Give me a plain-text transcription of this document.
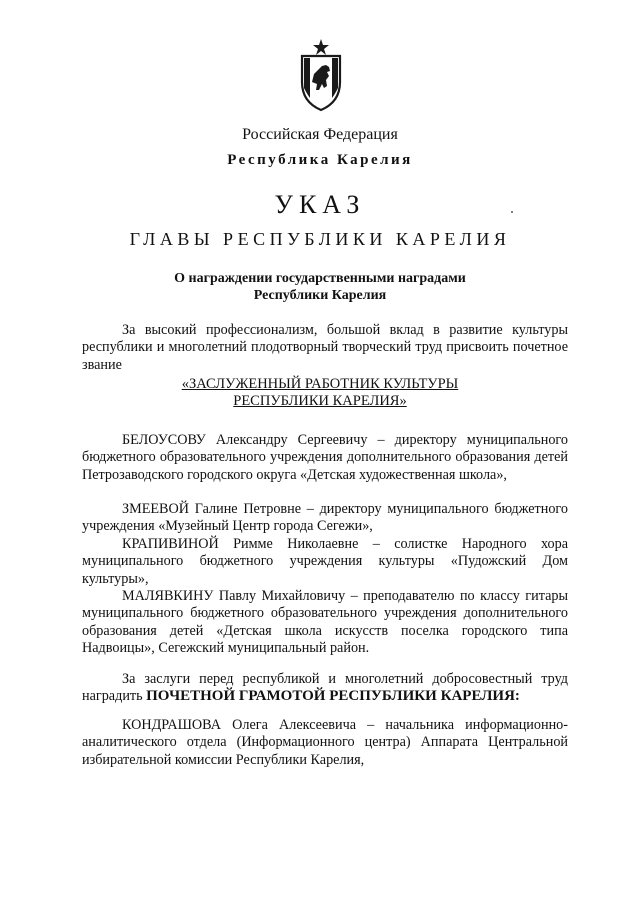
Российская Федерация
Республика Карелия
УКАЗ
ГЛАВЫ РЕСПУБЛИКИ КАРЕЛИЯ
О награждении государственными наградами
Республики Карелия
За высокий профессионализм, большой вклад в развитие культуры республики и многолетний плодотворный творческий труд присвоить почетное звание
«ЗАСЛУЖЕННЫЙ РАБОТНИК КУЛЬТУРЫ
РЕСПУБЛИКИ КАРЕЛИЯ»
БЕЛОУСОВУ Александру Сергеевичу – директору муниципального бюджетного образовательного учреждения дополнительного образования детей Петрозаводского городского округа «Детская художественная школа»,
ЗМЕЕВОЙ Галине Петровне – директору муниципального бюджетного учреждения «Музейный Центр города Сегежи»,
КРАПИВИНОЙ Римме Николаевне – солистке Народного хора муниципального бюджетного учреждения культуры «Пудожский Дом культуры»,
МАЛЯВКИНУ Павлу Михайловичу – преподавателю по классу гитары муниципального бюджетного образовательного учреждения дополнительного образования детей «Детская школа искусств поселка городского типа Надвоицы», Сегежский муниципальный район.
За заслуги перед республикой и многолетний добросовестный труд наградить ПОЧЕТНОЙ ГРАМОТОЙ РЕСПУБЛИКИ КАРЕЛИЯ:
КОНДРАШОВА Олега Алексеевича – начальника информационно-аналитического отдела (Информационного центра) Аппарата Центральной избирательной комиссии Республики Карелия,
